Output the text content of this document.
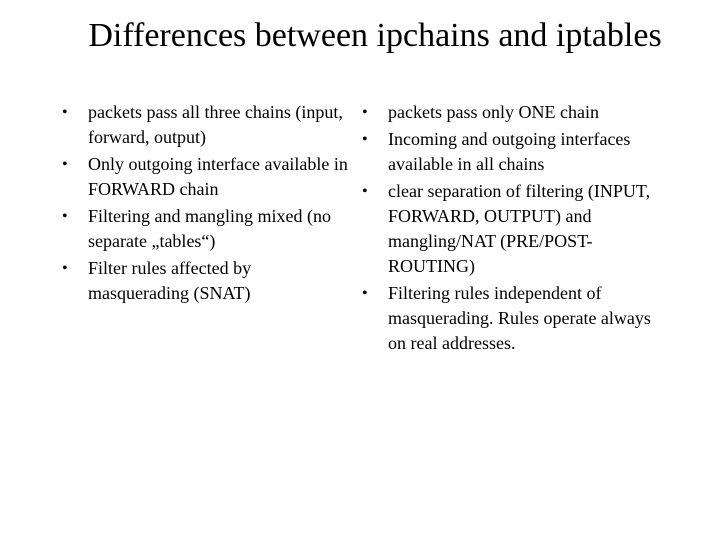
Differences between ipchains and iptables
•	packets pass all three chains (input, forward, output)
•	Only outgoing interface available in FORWARD chain
•	Filtering and mangling mixed (no separate „tables“)
•	Filter rules affected by masquerading (SNAT)
•	packets pass only ONE chain
•	Incoming and outgoing interfaces available in all chains
•	clear separation of filtering (INPUT, FORWARD, OUTPUT) and mangling/NAT (PRE/POST-ROUTING)
•	Filtering rules independent of masquerading. Rules operate always on real addresses.
